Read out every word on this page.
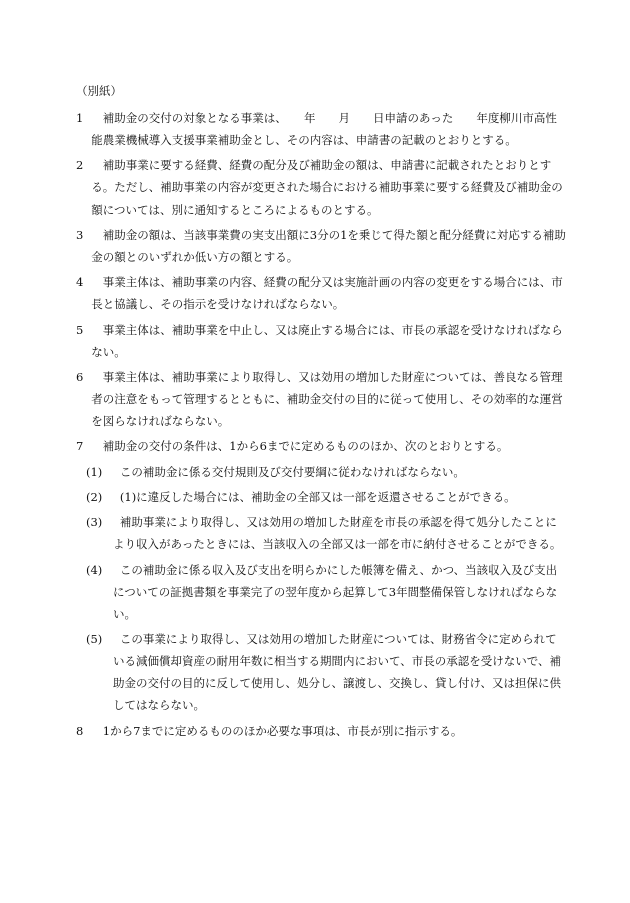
（別紙）
1	補助金の交付の対象となる事業は、　　年　　月　　日申請のあった　　年度柳川市高性能農業機械導入支援事業補助金とし、その内容は、申請書の記載のとおりとする。
2	補助事業に要する経費、経費の配分及び補助金の額は、申請書に記載されたとおりとする。ただし、補助事業の内容が変更された場合における補助事業に要する経費及び補助金の額については、別に通知するところによるものとする。
3	補助金の額は、当該事業費の実支出額に3分の1を乗じて得た額と配分経費に対応する補助金の額とのいずれか低い方の額とする。
4	事業主体は、補助事業の内容、経費の配分又は実施計画の内容の変更をする場合には、市長と協議し、その指示を受けなければならない。
5	事業主体は、補助事業を中止し、又は廃止する場合には、市長の承認を受けなければならない。
6	事業主体は、補助事業により取得し、又は効用の増加した財産については、善良なる管理者の注意をもって管理するとともに、補助金交付の目的に従って使用し、その効率的な運営を図らなければならない。
7	補助金の交付の条件は、1から6までに定めるもののほか、次のとおりとする。
(1)	この補助金に係る交付規則及び交付要綱に従わなければならない。
(2)	(1)に違反した場合には、補助金の全部又は一部を返還させることができる。
(3)	補助事業により取得し、又は効用の増加した財産を市長の承認を得て処分したことにより収入があったときには、当該収入の全部又は一部を市に納付させることができる。
(4)	この補助金に係る収入及び支出を明らかにした帳簿を備え、かつ、当該収入及び支出についての証拠書類を事業完了の翌年度から起算して3年間整備保管しなければならない。
(5)	この事業により取得し、又は効用の増加した財産については、財務省令に定められている減価償却資産の耐用年数に相当する期間内において、市長の承認を受けないで、補助金の交付の目的に反して使用し、処分し、譲渡し、交換し、貸し付け、又は担保に供してはならない。
8	1から7までに定めるもののほか必要な事項は、市長が別に指示する。
